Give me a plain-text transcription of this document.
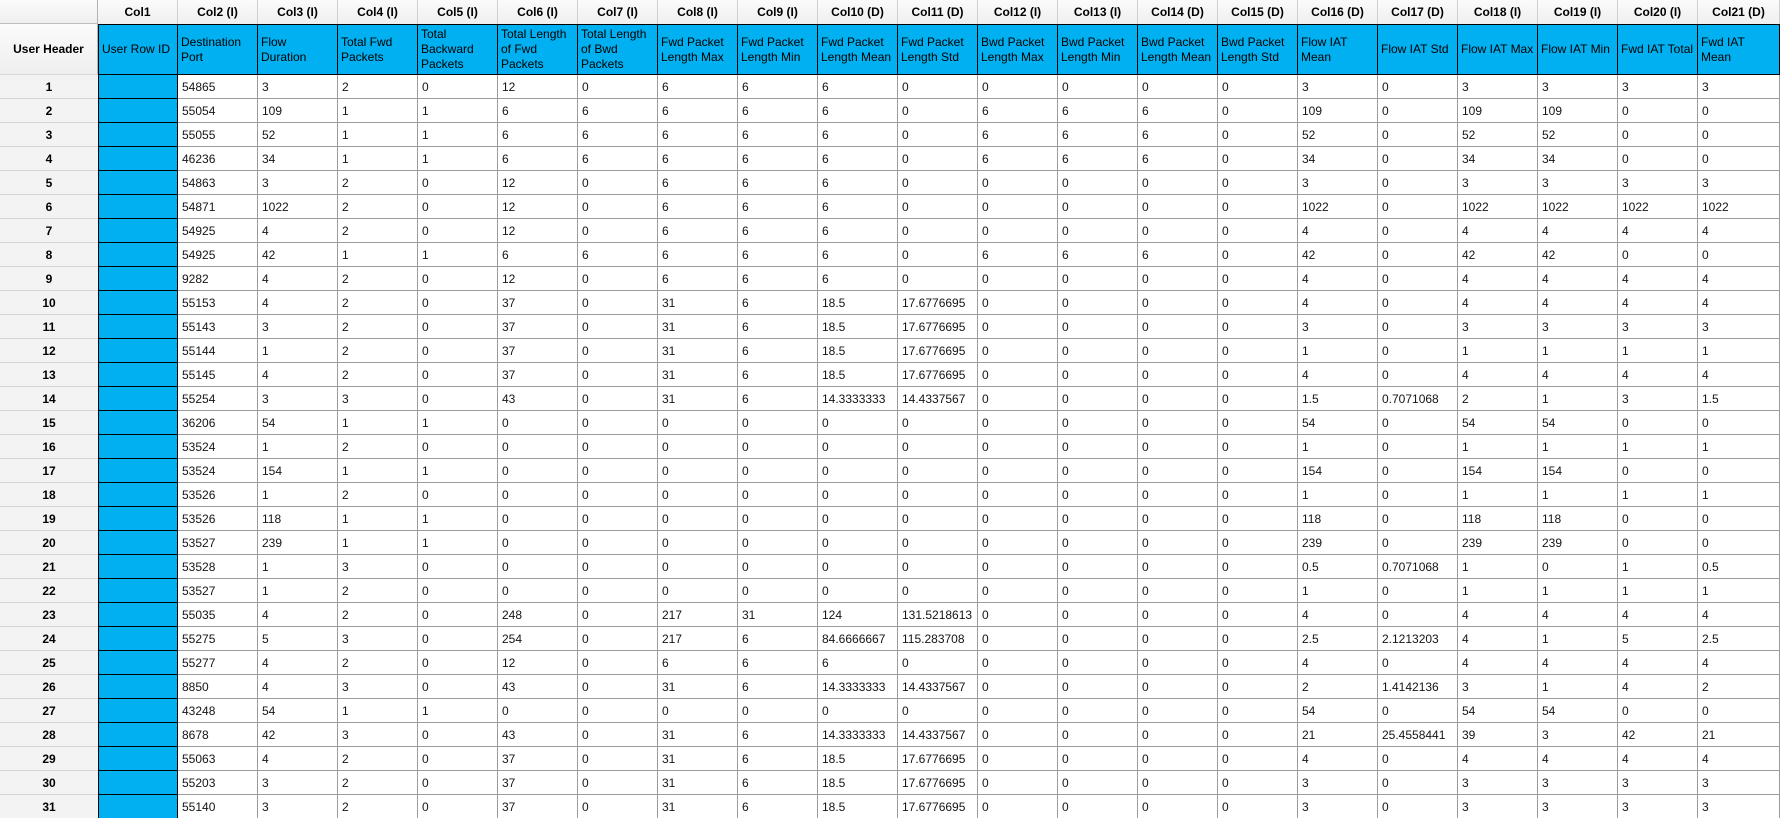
	Col1	Col2 (I)	Col3 (I)	Col4 (I)	Col5 (I)	Col6 (I)	Col7 (I)	Col8 (I)	Col9 (I)	Col10 (D)	Col11 (D)	Col12 (I)	Col13 (I)	Col14 (D)	Col15 (D)	Col16 (D)	Col17 (D)	Col18 (I)	Col19 (I)	Col20 (I)	Col21 (D)
User Header	User Row ID	Destination Port	Flow Duration	Total Fwd Packets	Total Backward Packets	Total Length of Fwd Packets	Total Length of Bwd Packets	Fwd Packet Length Max	Fwd Packet Length Min	Fwd Packet Length Mean	Fwd Packet Length Std	Bwd Packet Length Max	Bwd Packet Length Min	Bwd Packet Length Mean	Bwd Packet Length Std	Flow IAT Mean	Flow IAT Std	Flow IAT Max	Flow IAT Min	Fwd IAT Total	Fwd IAT Mean
1		54865	3	2	0	12	0	6	6	6	0	0	0	0	0	3	0	3	3	3	3
2		55054	109	1	1	6	6	6	6	6	0	6	6	6	0	109	0	109	109	0	0
3		55055	52	1	1	6	6	6	6	6	0	6	6	6	0	52	0	52	52	0	0
4		46236	34	1	1	6	6	6	6	6	0	6	6	6	0	34	0	34	34	0	0
5		54863	3	2	0	12	0	6	6	6	0	0	0	0	0	3	0	3	3	3	3
6		54871	1022	2	0	12	0	6	6	6	0	0	0	0	0	1022	0	1022	1022	1022	1022
7		54925	4	2	0	12	0	6	6	6	0	0	0	0	0	4	0	4	4	4	4
8		54925	42	1	1	6	6	6	6	6	0	6	6	6	0	42	0	42	42	0	0
9		9282	4	2	0	12	0	6	6	6	0	0	0	0	0	4	0	4	4	4	4
10		55153	4	2	0	37	0	31	6	18.5	17.6776695	0	0	0	0	4	0	4	4	4	4
11		55143	3	2	0	37	0	31	6	18.5	17.6776695	0	0	0	0	3	0	3	3	3	3
12		55144	1	2	0	37	0	31	6	18.5	17.6776695	0	0	0	0	1	0	1	1	1	1
13		55145	4	2	0	37	0	31	6	18.5	17.6776695	0	0	0	0	4	0	4	4	4	4
14		55254	3	3	0	43	0	31	6	14.3333333	14.4337567	0	0	0	0	1.5	0.7071068	2	1	3	1.5
15		36206	54	1	1	0	0	0	0	0	0	0	0	0	0	54	0	54	54	0	0
16		53524	1	2	0	0	0	0	0	0	0	0	0	0	0	1	0	1	1	1	1
17		53524	154	1	1	0	0	0	0	0	0	0	0	0	0	154	0	154	154	0	0
18		53526	1	2	0	0	0	0	0	0	0	0	0	0	0	1	0	1	1	1	1
19		53526	118	1	1	0	0	0	0	0	0	0	0	0	0	118	0	118	118	0	0
20		53527	239	1	1	0	0	0	0	0	0	0	0	0	0	239	0	239	239	0	0
21		53528	1	3	0	0	0	0	0	0	0	0	0	0	0	0.5	0.7071068	1	0	1	0.5
22		53527	1	2	0	0	0	0	0	0	0	0	0	0	0	1	0	1	1	1	1
23		55035	4	2	0	248	0	217	31	124	131.5218613	0	0	0	0	4	0	4	4	4	4
24		55275	5	3	0	254	0	217	6	84.6666667	115.283708	0	0	0	0	2.5	2.1213203	4	1	5	2.5
25		55277	4	2	0	12	0	6	6	6	0	0	0	0	0	4	0	4	4	4	4
26		8850	4	3	0	43	0	31	6	14.3333333	14.4337567	0	0	0	0	2	1.4142136	3	1	4	2
27		43248	54	1	1	0	0	0	0	0	0	0	0	0	0	54	0	54	54	0	0
28		8678	42	3	0	43	0	31	6	14.3333333	14.4337567	0	0	0	0	21	25.4558441	39	3	42	21
29		55063	4	2	0	37	0	31	6	18.5	17.6776695	0	0	0	0	4	0	4	4	4	4
30		55203	3	2	0	37	0	31	6	18.5	17.6776695	0	0	0	0	3	0	3	3	3	3
31		55140	3	2	0	37	0	31	6	18.5	17.6776695	0	0	0	0	3	0	3	3	3	3
